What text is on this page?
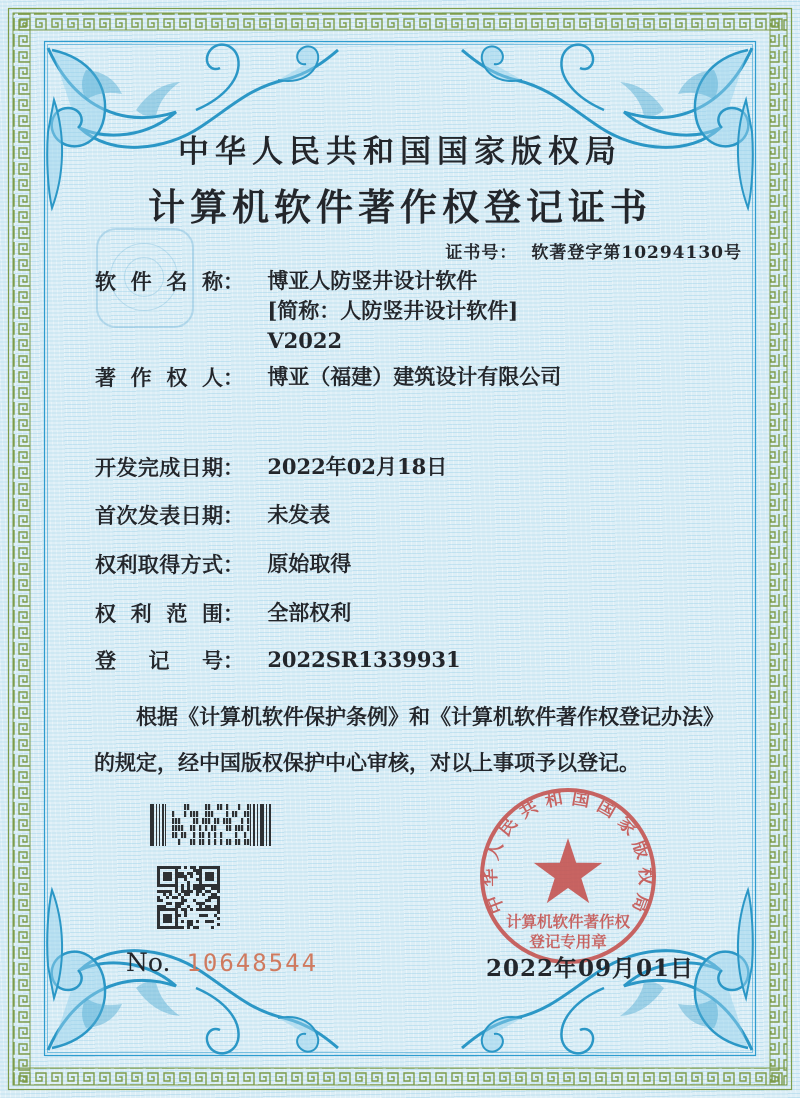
中华人民共和国国家版权局
计算机软件著作权登记证书
证书号： 软著登字第10294130号
软件名称： 博亚人防竖井设计软件
[简称：人防竖井设计软件]
V2022
著作权人： 博亚（福建）建筑设计有限公司
开发完成日期： 2022年02月18日
首次发表日期： 未发表
权利取得方式： 原始取得
权利范围： 全部权利
登记号： 2022SR1339931
根据《计算机软件保护条例》和《计算机软件著作权登记办法》的规定，经中国版权保护中心审核，对以上事项予以登记。
No. 10648544
中华人民共和国国家版权局
计算机软件著作权
登记专用章
2022年09月01日
